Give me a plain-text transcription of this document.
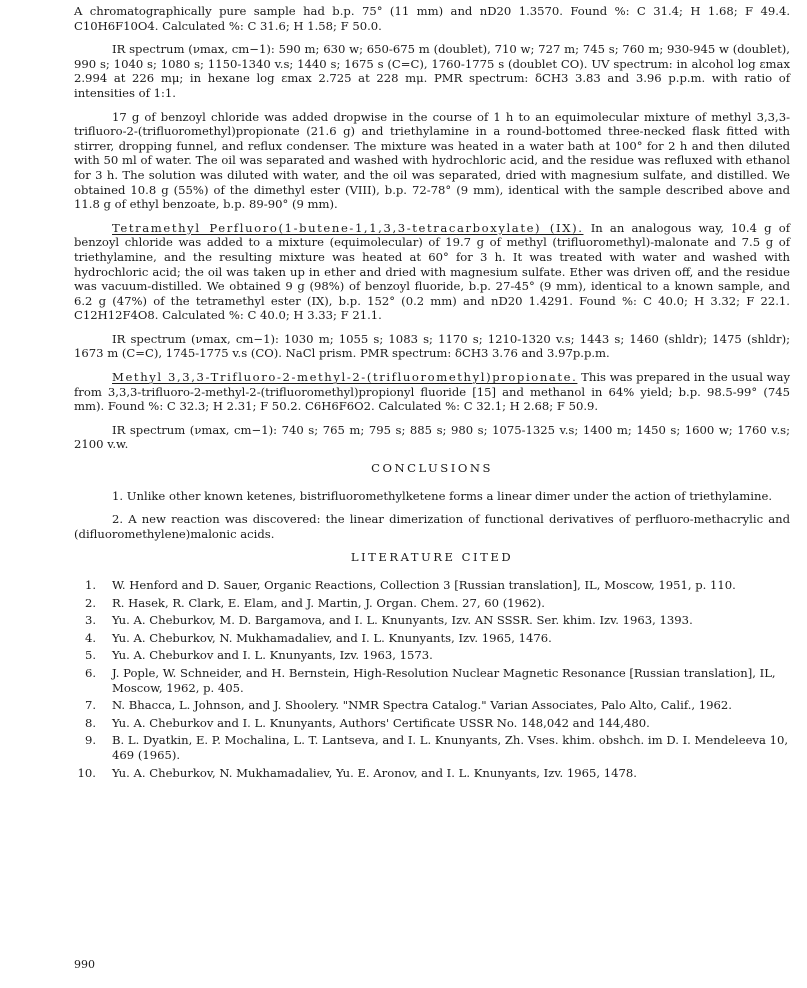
A chromatographically pure sample had b.p. 75° (11 mm) and nD20 1.3570. Found %: C 31.4; H 1.68; F 49.4. C10H6F10O4. Calculated %: C 31.6; H 1.58; F 50.0.

IR spectrum (νmax, cm−1): 590 m; 630 w; 650-675 m (doublet), 710 w; 727 m; 745 s; 760 m; 930-945 w (doublet), 990 s; 1040 s; 1080 s; 1150-1340 v.s; 1440 s; 1675 s (C=C), 1760-1775 s (doublet CO). UV spectrum: in alcohol log εmax 2.994 at 226 mμ; in hexane log εmax 2.725 at 228 mμ. PMR spectrum: δCH3 3.83 and 3.96 p.p.m. with ratio of intensities of 1:1.

17 g of benzoyl chloride was added dropwise in the course of 1 h to an equimolecular mixture of methyl 3,3,3-trifluoro-2-(trifluoromethyl)propionate (21.6 g) and triethylamine in a round-bottomed three-necked flask fitted with stirrer, dropping funnel, and reflux condenser. The mixture was heated in a water bath at 100° for 2 h and then diluted with 50 ml of water. The oil was separated and washed with hydrochloric acid, and the residue was refluxed with ethanol for 3 h. The solution was diluted with water, and the oil was separated, dried with magnesium sulfate, and distilled. We obtained 10.8 g (55%) of the dimethyl ester (VIII), b.p. 72-78° (9 mm), identical with the sample described above and 11.8 g of ethyl benzoate, b.p. 89-90° (9 mm).

Tetramethyl Perfluoro(1-butene-1,1,3,3-tetracarboxylate) (IX). In an analogous way, 10.4 g of benzoyl chloride was added to a mixture (equimolecular) of 19.7 g of methyl (trifluoromethyl)-malonate and 7.5 g of triethylamine, and the resulting mixture was heated at 60° for 3 h. It was treated with water and washed with hydrochloric acid; the oil was taken up in ether and dried with magnesium sulfate. Ether was driven off, and the residue was vacuum-distilled. We obtained 9 g (98%) of benzoyl fluoride, b.p. 27-45° (9 mm), identical to a known sample, and 6.2 g (47%) of the tetramethyl ester (IX), b.p. 152° (0.2 mm) and nD20 1.4291. Found %: C 40.0; H 3.32; F 22.1. C12H12F4O8. Calculated %: C 40.0; H 3.33; F 21.1.

IR spectrum (νmax, cm−1): 1030 m; 1055 s; 1083 s; 1170 s; 1210-1320 v.s; 1443 s; 1460 (shldr); 1475 (shldr); 1673 m (C=C), 1745-1775 v.s (CO). NaCl prism. PMR spectrum: δCH3 3.76 and 3.97p.p.m.

Methyl 3,3,3-Trifluoro-2-methyl-2-(trifluoromethyl)propionate. This was prepared in the usual way from 3,3,3-trifluoro-2-methyl-2-(trifluoromethyl)propionyl fluoride [15] and methanol in 64% yield; b.p. 98.5-99° (745 mm). Found %: C 32.3; H 2.31; F 50.2. C6H6F6O2. Calculated %: C 32.1; H 2.68; F 50.9.

IR spectrum (νmax, cm−1): 740 s; 765 m; 795 s; 885 s; 980 s; 1075-1325 v.s; 1400 m; 1450 s; 1600 w; 1760 v.s; 2100 v.w.

CONCLUSIONS

1. Unlike other known ketenes, bistrifluoromethylketene forms a linear dimer under the action of triethylamine.

2. A new reaction was discovered: the linear dimerization of functional derivatives of perfluoro-methacrylic and (difluoromethylene)malonic acids.

LITERATURE CITED
1. W. Henford and D. Sauer, Organic Reactions, Collection 3 [Russian translation], IL, Moscow, 1951, p. 110.
2. R. Hasek, R. Clark, E. Elam, and J. Martin, J. Organ. Chem. 27, 60 (1962).
3. Yu. A. Cheburkov, M. D. Bargamova, and I. L. Knunyants, Izv. AN SSSR. Ser. khim. Izv. 1963, 1393.
4. Yu. A. Cheburkov, N. Mukhamadaliev, and I. L. Knunyants, Izv. 1965, 1476.
5. Yu. A. Cheburkov and I. L. Knunyants, Izv. 1963, 1573.
6. J. Pople, W. Schneider, and H. Bernstein, High-Resolution Nuclear Magnetic Resonance [Russian translation], IL, Moscow, 1962, p. 405.
7. N. Bhacca, L. Johnson, and J. Shoolery. "NMR Spectra Catalog." Varian Associates, Palo Alto, Calif., 1962.
8. Yu. A. Cheburkov and I. L. Knunyants, Authors' Certificate USSR No. 148,042 and 144,480.
9. B. L. Dyatkin, E. P. Mochalina, L. T. Lantseva, and I. L. Knunyants, Zh. Vses. khim. obshch. im D. I. Mendeleeva 10, 469 (1965).
10. Yu. A. Cheburkov, N. Mukhamadaliev, Yu. E. Aronov, and I. L. Knunyants, Izv. 1965, 1478.
990
